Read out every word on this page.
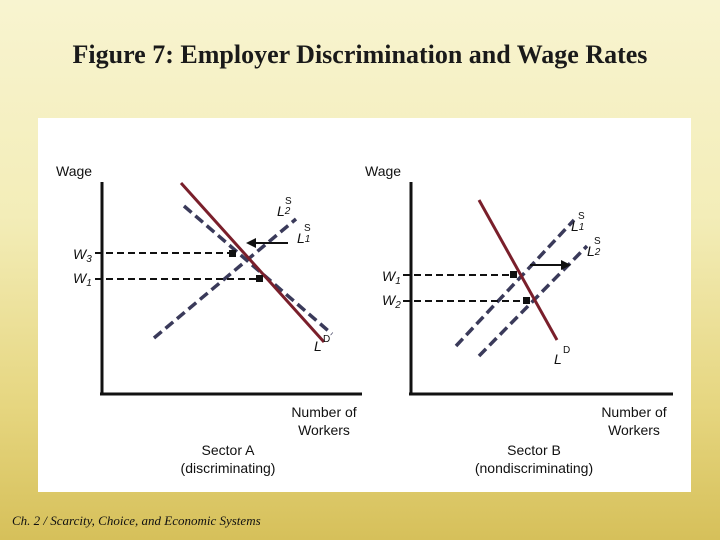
Figure 7: Employer Discrimination and Wage Rates
Wage
L2
S
L1
S
L D
$W_3$
$W_1$
Number of
Workers
Sector A
(discriminating)
Wage
L1
S
L2
S
L
D
$W_1$
$W_2$
Number of
Workers
Sector B
(nondiscriminating)
Ch. 2 / Scarcity, Choice, and Economic Systems
